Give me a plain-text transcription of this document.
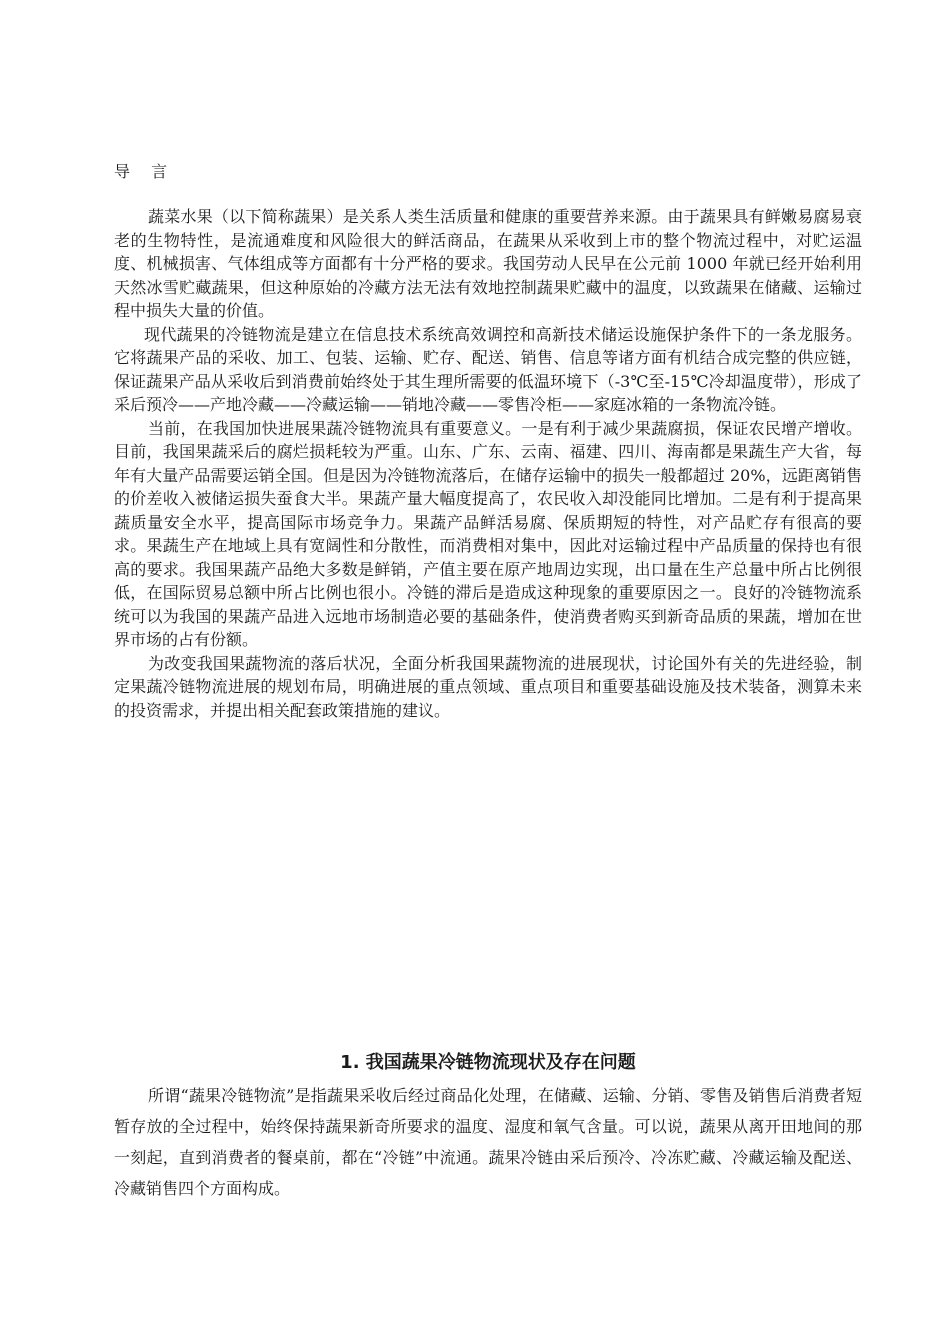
导 言

蔬菜水果（以下简称蔬果）是关系人类生活质量和健康的重要营养来源。由于蔬果具有鲜嫩易腐易衰老的生物特性，是流通难度和风险很大的鲜活商品，在蔬果从采收到上市的整个物流过程中，对贮运温度、机械损害、气体组成等方面都有十分严格的要求。我国劳动人民早在公元前 1000 年就已经开始利用天然冰雪贮藏蔬果，但这种原始的冷藏方法无法有效地控制蔬果贮藏中的温度，以致蔬果在储藏、运输过程中损失大量的价值。

现代蔬果的冷链物流是建立在信息技术系统高效调控和高新技术储运设施保护条件下的一条龙服务。它将蔬果产品的采收、加工、包装、运输、贮存、配送、销售、信息等诸方面有机结合成完整的供应链，保证蔬果产品从采收后到消费前始终处于其生理所需要的低温环境下（-3℃至-15℃冷却温度带），形成了采后预冷——产地冷藏——冷藏运输——销地冷藏——零售冷柜——家庭冰箱的一条物流冷链。

当前，在我国加快进展果蔬冷链物流具有重要意义。一是有利于减少果蔬腐损，保证农民增产增收。目前，我国果蔬采后的腐烂损耗较为严重。山东、广东、云南、福建、四川、海南都是果蔬生产大省，每年有大量产品需要运销全国。但是因为冷链物流落后，在储存运输中的损失一般都超过 20%，远距离销售的价差收入被储运损失蚕食大半。果蔬产量大幅度提高了，农民收入却没能同比增加。二是有利于提高果蔬质量安全水平，提高国际市场竞争力。果蔬产品鲜活易腐、保质期短的特性，对产品贮存有很高的要求。果蔬生产在地域上具有宽阔性和分散性，而消费相对集中，因此对运输过程中产品质量的保持也有很高的要求。我国果蔬产品绝大多数是鲜销，产值主要在原产地周边实现，出口量在生产总量中所占比例很低，在国际贸易总额中所占比例也很小。冷链的滞后是造成这种现象的重要原因之一。良好的冷链物流系统可以为我国的果蔬产品进入远地市场制造必要的基础条件，使消费者购买到新奇品质的果蔬，增加在世界市场的占有份额。

为改变我国果蔬物流的落后状况，全面分析我国果蔬物流的进展现状，讨论国外有关的先进经验，制定果蔬冷链物流进展的规划布局，明确进展的重点领域、重点项目和重要基础设施及技术装备，测算未来的投资需求，并提出相关配套政策措施的建议。

1. 我国蔬果冷链物流现状及存在问题

所谓“蔬果冷链物流”是指蔬果采收后经过商品化处理，在储藏、运输、分销、零售及销售后消费者短暂存放的全过程中，始终保持蔬果新奇所要求的温度、湿度和氧气含量。可以说，蔬果从离开田地间的那一刻起，直到消费者的餐桌前，都在“冷链”中流通。蔬果冷链由采后预冷、冷冻贮藏、冷藏运输及配送、冷藏销售四个方面构成。
